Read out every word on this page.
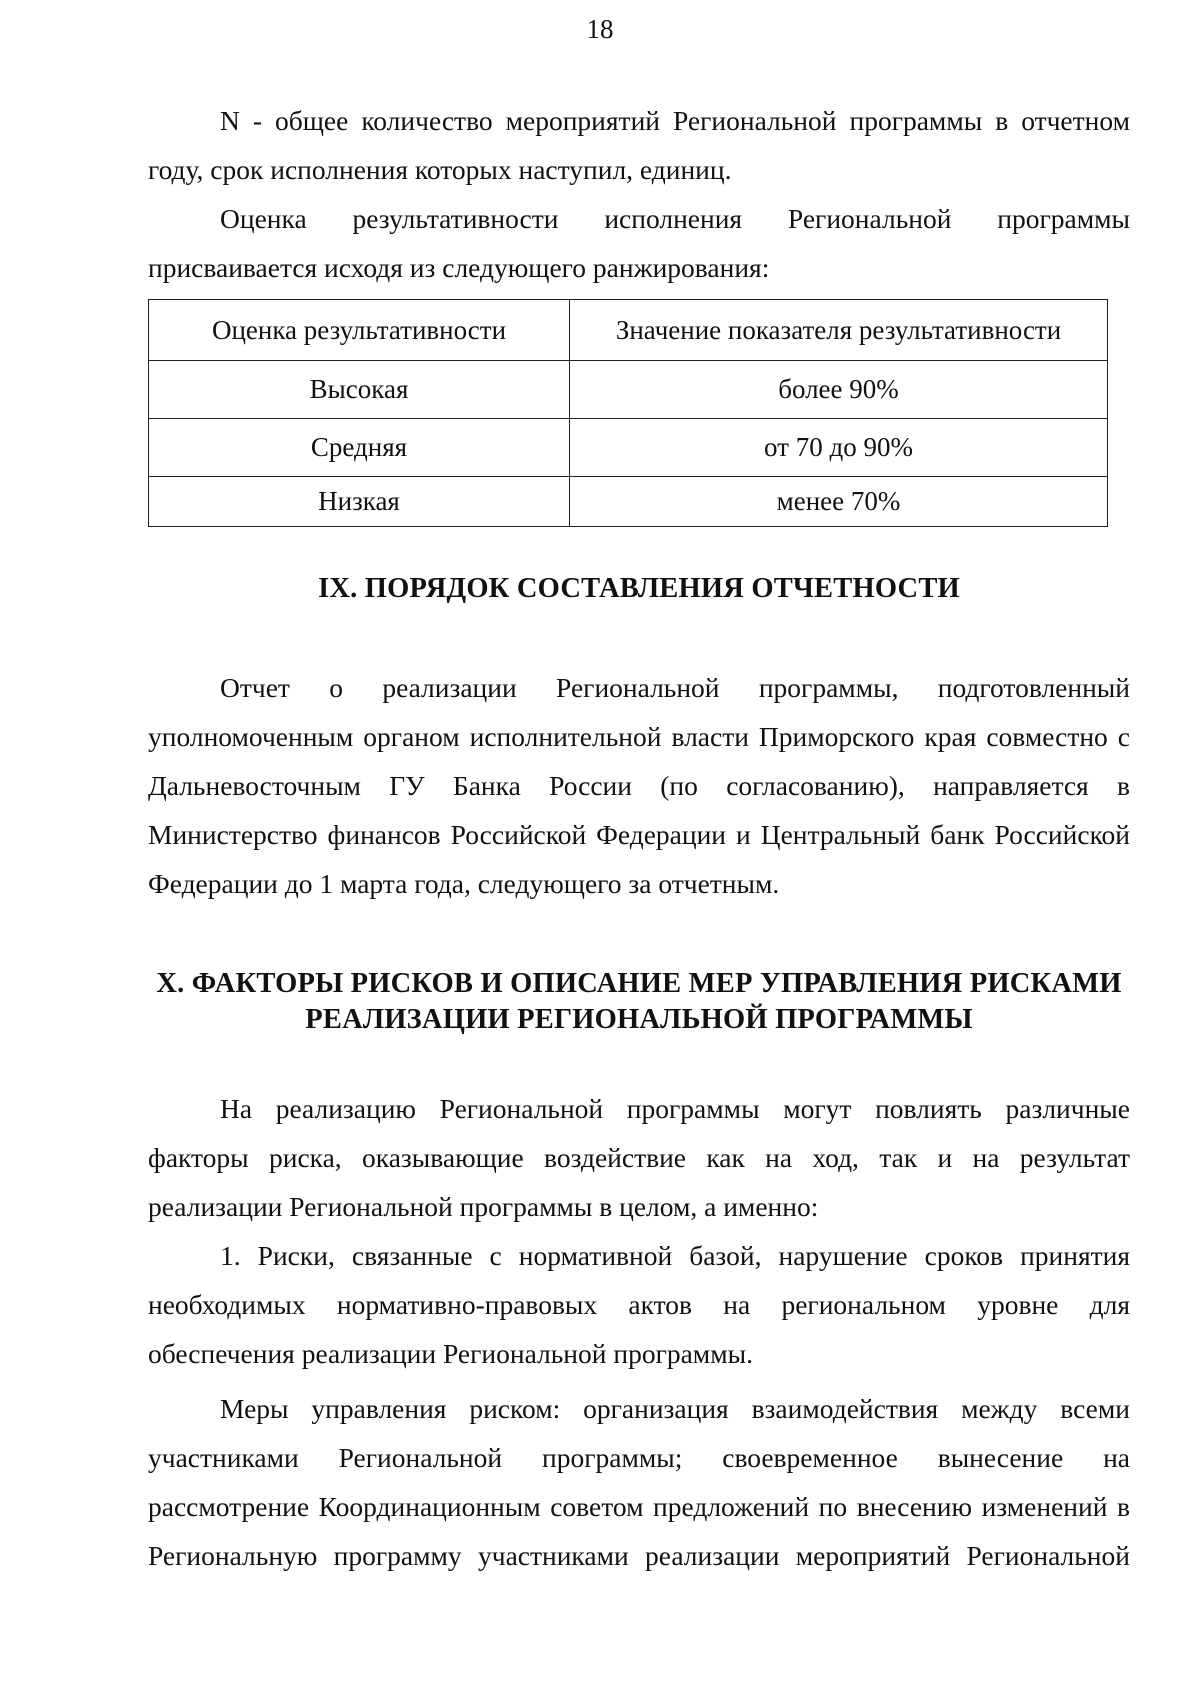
18

N - общее количество мероприятий Региональной программы в отчетном году, срок исполнения которых наступил, единиц.

Оценка результативности исполнения Региональной программы присваивается исходя из следующего ранжирования:

Оценка результативности	Значение показателя результативности
Высокая	более 90%
Средняя	от 70 до 90%
Низкая	менее 70%
IX. ПОРЯДОК СОСТАВЛЕНИЯ ОТЧЕТНОСТИ

Отчет о реализации Региональной программы, подготовленный уполномоченным органом исполнительной власти Приморского края совместно с Дальневосточным ГУ Банка России (по согласованию), направляется в Министерство финансов Российской Федерации и Центральный банк Российской Федерации до 1 марта года, следующего за отчетным.

X. ФАКТОРЫ РИСКОВ И ОПИСАНИЕ МЕР УПРАВЛЕНИЯ РИСКАМИ
РЕАЛИЗАЦИИ РЕГИОНАЛЬНОЙ ПРОГРАММЫ

На реализацию Региональной программы могут повлиять различные факторы риска, оказывающие воздействие как на ход, так и на результат реализации Региональной программы в целом, а именно:

1. Риски, связанные с нормативной базой, нарушение сроков принятия необходимых нормативно-правовых актов на региональном уровне для обеспечения реализации Региональной программы.

Меры управления риском: организация взаимодействия между всеми участниками Региональной программы; своевременное вынесение на рассмотрение Координационным советом предложений по внесению изменений в Региональную программу участниками реализации мероприятий Региональной
